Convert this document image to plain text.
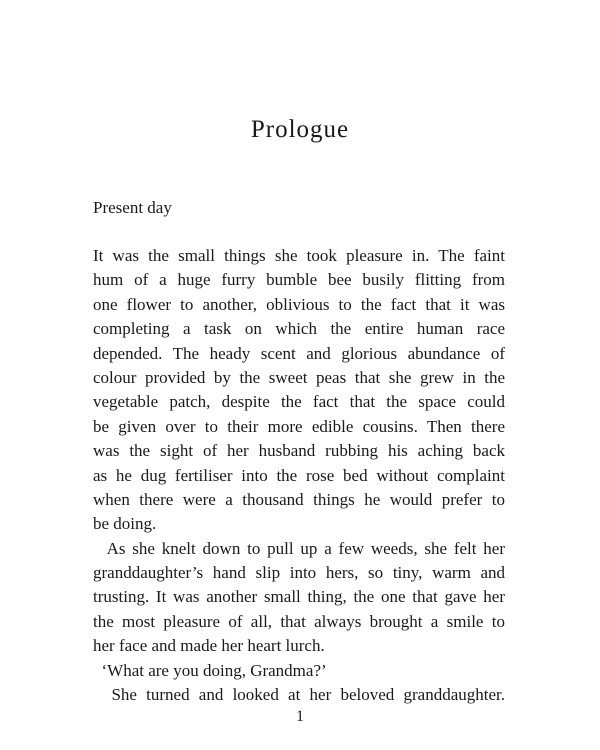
Prologue

Present day

It was the small things she took pleasure in. The faint
hum of a huge furry bumble bee busily flitting from
one flower to another, oblivious to the fact that it was
completing a task on which the entire human race
depended. The heady scent and glorious abundance of
colour provided by the sweet peas that she grew in the
vegetable patch, despite the fact that the space could
be given over to their more edible cousins. Then there
was the sight of her husband rubbing his aching back
as he dug fertiliser into the rose bed without complaint
when there were a thousand things he would prefer to
be doing.
As she knelt down to pull up a few weeds, she felt her
granddaughter’s hand slip into hers, so tiny, warm and
trusting. It was another small thing, the one that gave her
the most pleasure of all, that always brought a smile to
her face and made her heart lurch.
‘What are you doing, Grandma?’
She turned and looked at her beloved granddaughter.
1
